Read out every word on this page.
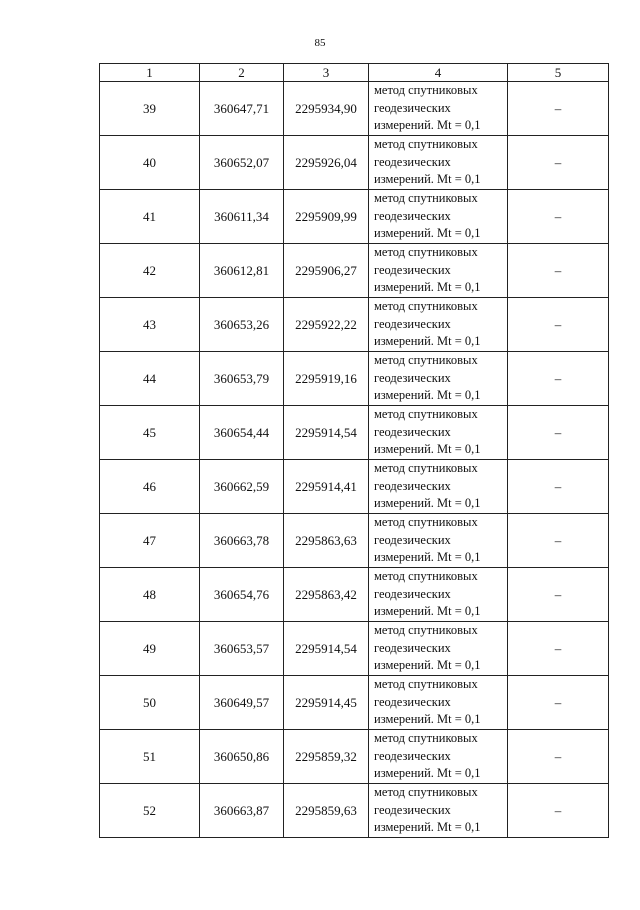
85
1	2	3	4	5
39	360647,71	2295934,90	метод спутниковых
геодезических
измерений. Mt = 0,1	–
40	360652,07	2295926,04	метод спутниковых
геодезических
измерений. Mt = 0,1	–
41	360611,34	2295909,99	метод спутниковых
геодезических
измерений. Mt = 0,1	–
42	360612,81	2295906,27	метод спутниковых
геодезических
измерений. Mt = 0,1	–
43	360653,26	2295922,22	метод спутниковых
геодезических
измерений. Mt = 0,1	–
44	360653,79	2295919,16	метод спутниковых
геодезических
измерений. Mt = 0,1	–
45	360654,44	2295914,54	метод спутниковых
геодезических
измерений. Mt = 0,1	–
46	360662,59	2295914,41	метод спутниковых
геодезических
измерений. Mt = 0,1	–
47	360663,78	2295863,63	метод спутниковых
геодезических
измерений. Mt = 0,1	–
48	360654,76	2295863,42	метод спутниковых
геодезических
измерений. Mt = 0,1	–
49	360653,57	2295914,54	метод спутниковых
геодезических
измерений. Mt = 0,1	–
50	360649,57	2295914,45	метод спутниковых
геодезических
измерений. Mt = 0,1	–
51	360650,86	2295859,32	метод спутниковых
геодезических
измерений. Mt = 0,1	–
52	360663,87	2295859,63	метод спутниковых
геодезических
измерений. Mt = 0,1	–
